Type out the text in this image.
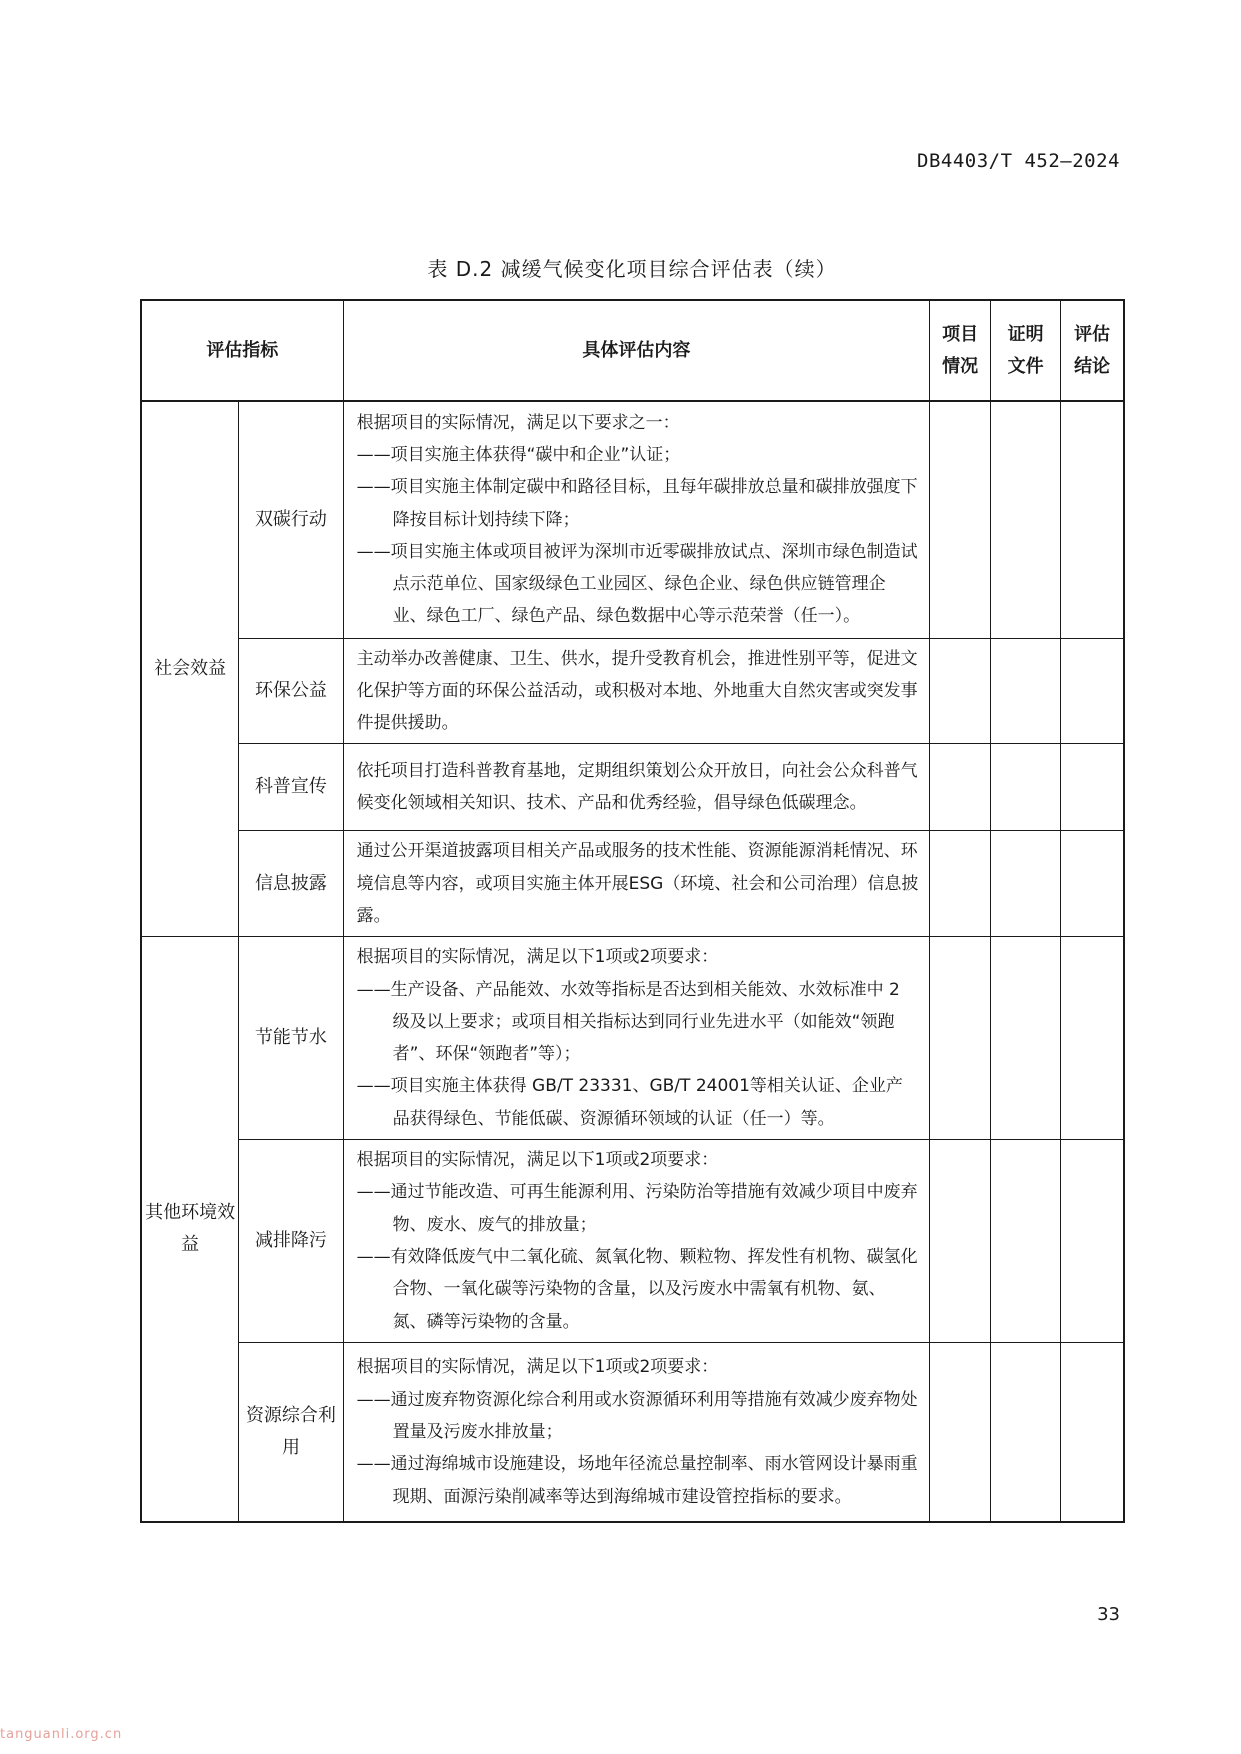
DB4403/T 452—2024
表 D.2 减缓气候变化项目综合评估表（续）
评估指标		具体评估内容	项目情况	证明文件	评估结论
社会效益	双碳行动	根据项目的实际情况，满足以下要求之一：
——项目实施主体获得“碳中和企业”认证；
——项目实施主体制定碳中和路径目标，且每年碳排放总量和碳排放强度下降按目标计划持续下降；
——项目实施主体或项目被评为深圳市近零碳排放试点、深圳市绿色制造试点示范单位、国家级绿色工业园区、绿色企业、绿色供应链管理企业、绿色工厂、绿色产品、绿色数据中心等示范荣誉（任一）。			

	环保公益	主动举办改善健康、卫生、供水，提升受教育机会，推进性别平等，促进文化保护等方面的环保公益活动，或积极对本地、外地重大自然灾害或突发事件提供援助。			

	科普宣传	依托项目打造科普教育基地，定期组织策划公众开放日，向社会公众科普气候变化领域相关知识、技术、产品和优秀经验，倡导绿色低碳理念。			

	信息披露	通过公开渠道披露项目相关产品或服务的技术性能、资源能源消耗情况、环境信息等内容，或项目实施主体开展ESG（环境、社会和公司治理）信息披露。			

其他环境效益	节能节水	根据项目的实际情况，满足以下1项或2项要求：
——生产设备、产品能效、水效等指标是否达到相关能效、水效标准中 2 级及以上要求；或项目相关指标达到同行业先进水平（如能效“领跑者”、环保“领跑者”等）；
——项目实施主体获得 GB/T 23331、GB/T 24001等相关认证、企业产品获得绿色、节能低碳、资源循环领域的认证（任一）等。			

	减排降污	根据项目的实际情况，满足以下1项或2项要求：
——通过节能改造、可再生能源利用、污染防治等措施有效减少项目中废弃物、废水、废气的排放量；
——有效降低废气中二氧化硫、氮氧化物、颗粒物、挥发性有机物、碳氢化合物、一氧化碳等污染物的含量，以及污废水中需氧有机物、氨、氮、磷等污染物的含量。			

	资源综合利用	根据项目的实际情况，满足以下1项或2项要求：
——通过废弃物资源化综合利用或水资源循环利用等措施有效减少废弃物处置量及污废水排放量；
——通过海绵城市设施建设，场地年径流总量控制率、雨水管网设计暴雨重现期、面源污染削减率等达到海绵城市建设管控指标的要求。			

33
tanguanli.org.cn
